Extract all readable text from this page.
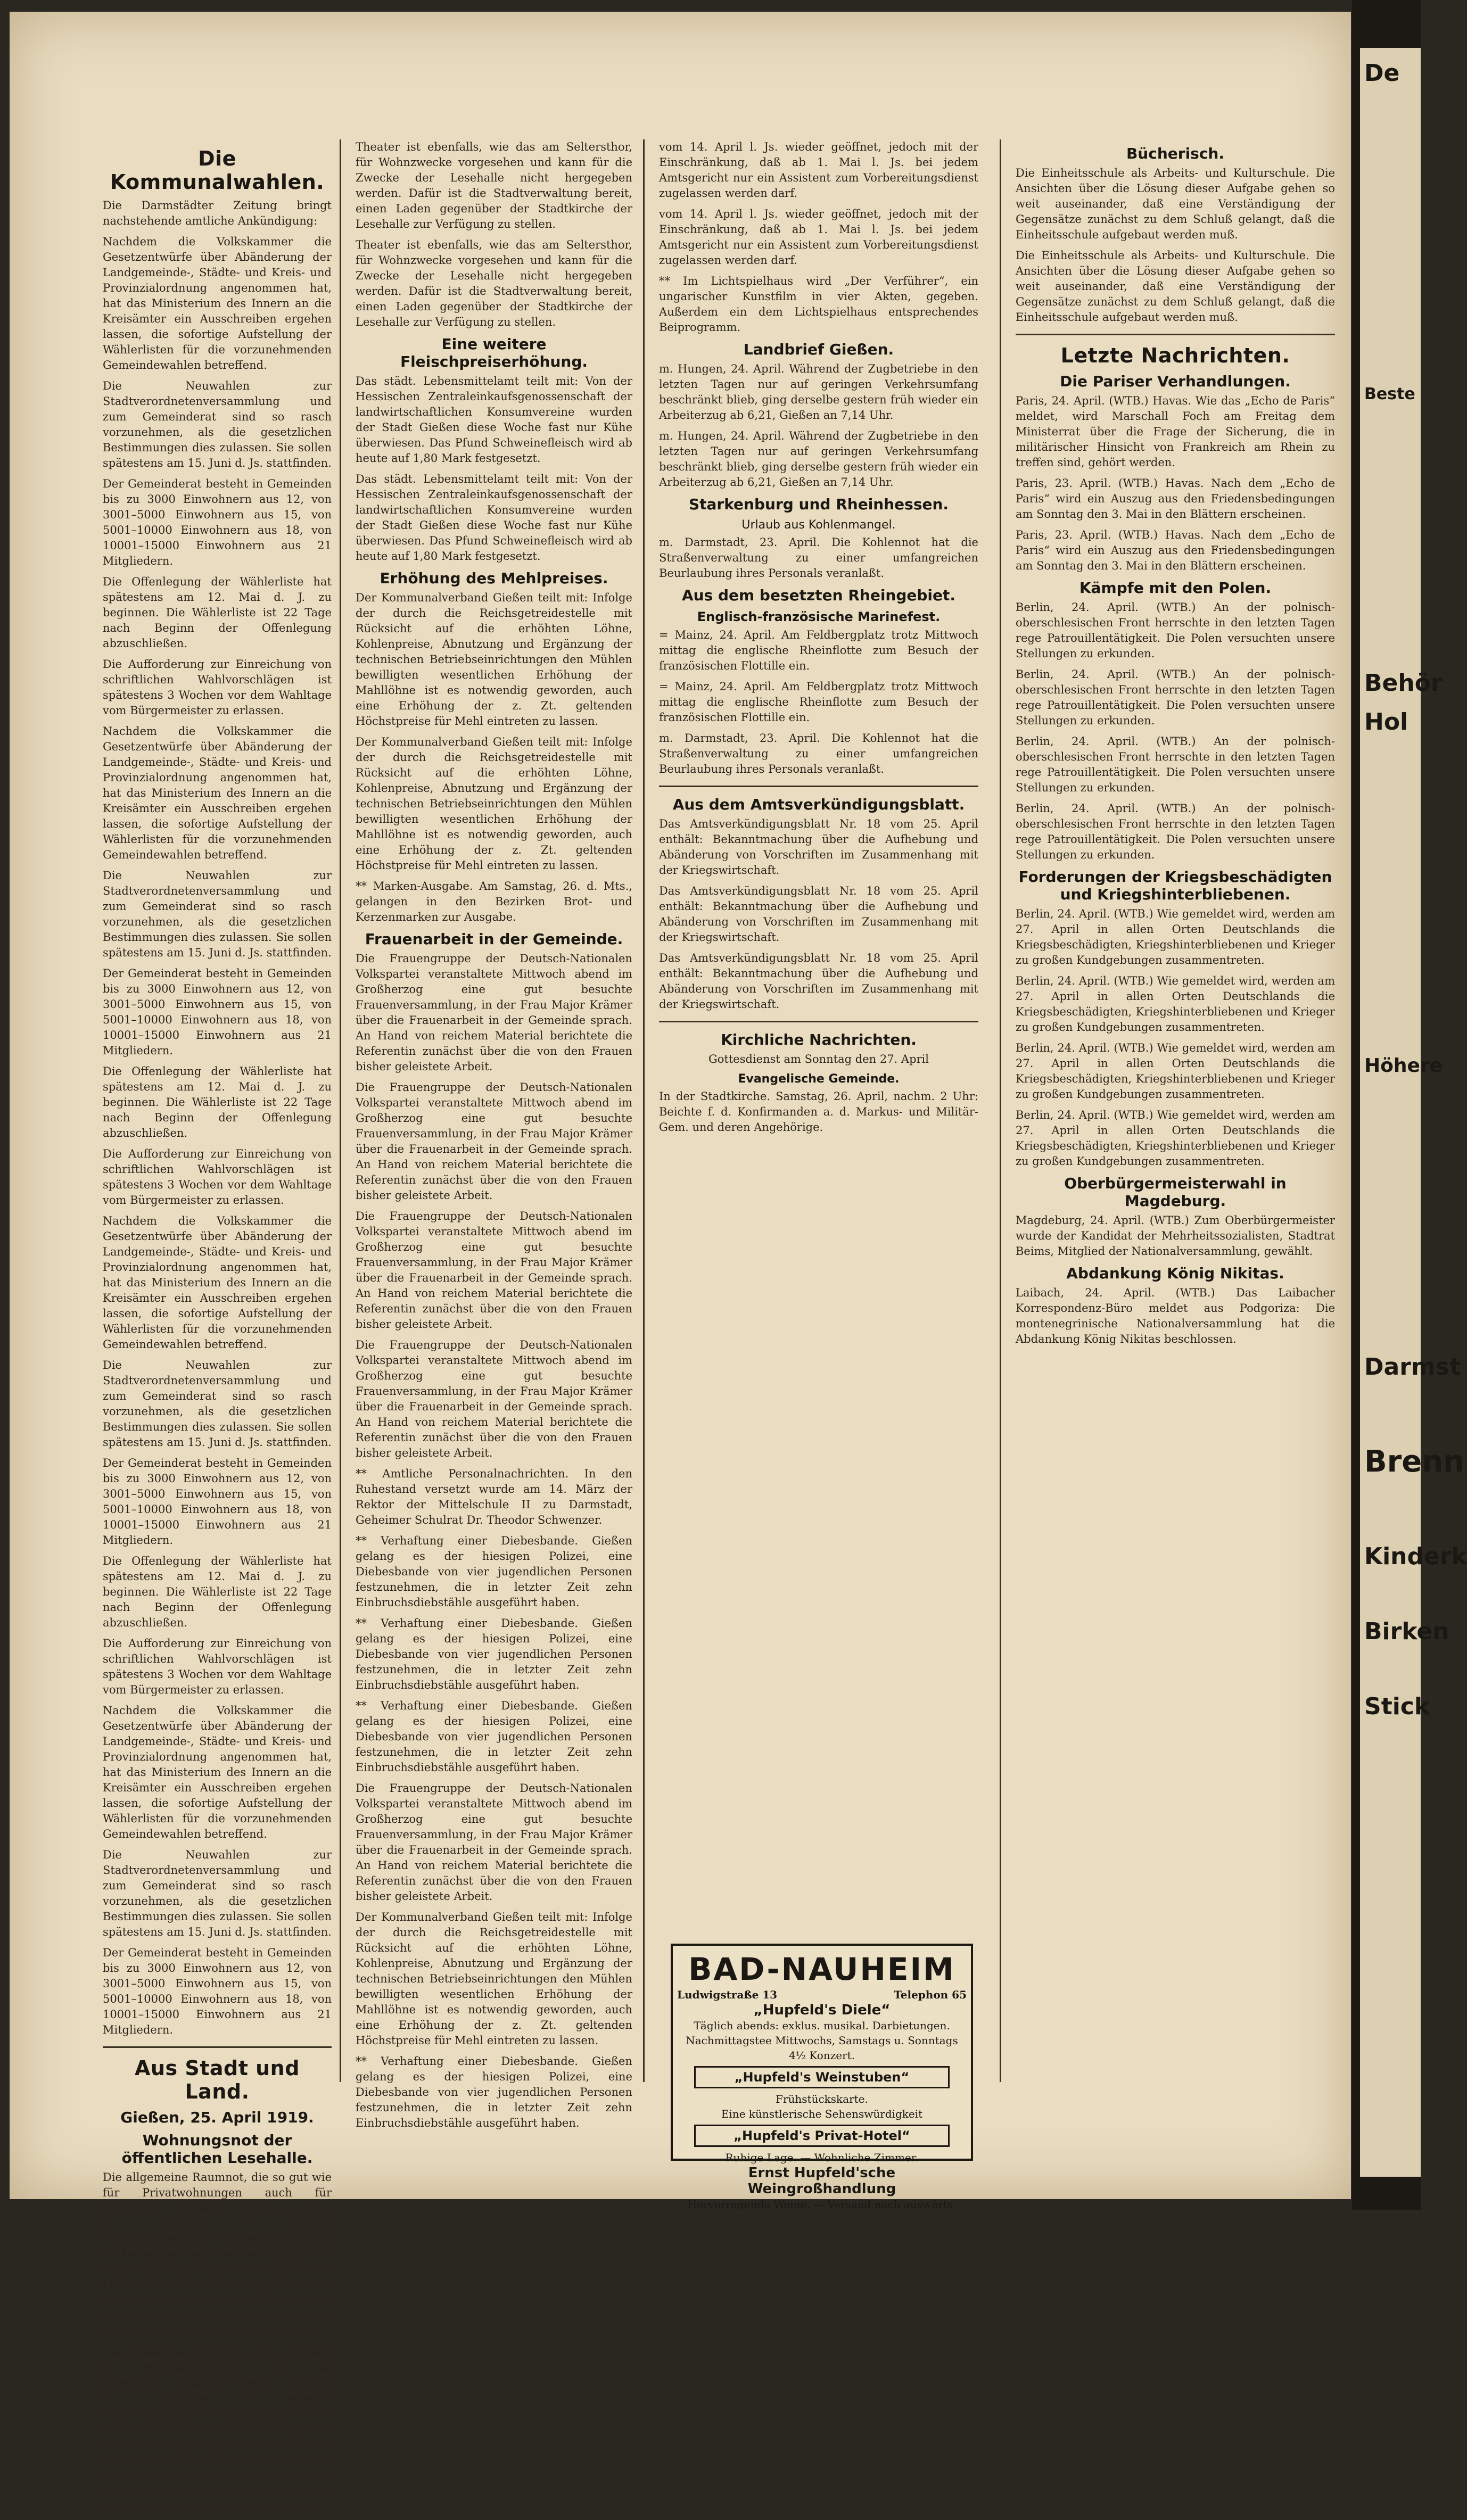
Die Kommunalwahlen.

Die Darmstädter Zeitung bringt nachstehende amtliche Ankündigung:

Nachdem die Volkskammer die Gesetzentwürfe über Abänderung der Landgemeinde-, Städte- und Kreis- und Provinzialordnung angenommen hat, hat das Ministerium des Innern an die Kreisämter ein Ausschreiben ergehen lassen, die sofortige Aufstellung der Wählerlisten für die vorzunehmenden Gemeindewahlen betreffend.

Die Neuwahlen zur Stadtverordnetenversammlung und zum Gemeinderat sind so rasch vorzunehmen, als die gesetzlichen Bestimmungen dies zulassen. Sie sollen spätestens am 15. Juni d. Js. stattfinden.

Der Gemeinderat besteht in Gemeinden bis zu 3000 Einwohnern aus 12, von 3001–5000 Einwohnern aus 15, von 5001–10000 Einwohnern aus 18, von 10001–15000 Einwohnern aus 21 Mitgliedern.

Die Offenlegung der Wählerliste hat spätestens am 12. Mai d. J. zu beginnen. Die Wählerliste ist 22 Tage nach Beginn der Offenlegung abzuschließen.

Die Aufforderung zur Einreichung von schriftlichen Wahlvorschlägen ist spätestens 3 Wochen vor dem Wahltage vom Bürgermeister zu erlassen.

Nachdem die Volkskammer die Gesetzentwürfe über Abänderung der Landgemeinde-, Städte- und Kreis- und Provinzialordnung angenommen hat, hat das Ministerium des Innern an die Kreisämter ein Ausschreiben ergehen lassen, die sofortige Aufstellung der Wählerlisten für die vorzunehmenden Gemeindewahlen betreffend.

Die Neuwahlen zur Stadtverordnetenversammlung und zum Gemeinderat sind so rasch vorzunehmen, als die gesetzlichen Bestimmungen dies zulassen. Sie sollen spätestens am 15. Juni d. Js. stattfinden.

Der Gemeinderat besteht in Gemeinden bis zu 3000 Einwohnern aus 12, von 3001–5000 Einwohnern aus 15, von 5001–10000 Einwohnern aus 18, von 10001–15000 Einwohnern aus 21 Mitgliedern.

Die Offenlegung der Wählerliste hat spätestens am 12. Mai d. J. zu beginnen. Die Wählerliste ist 22 Tage nach Beginn der Offenlegung abzuschließen.

Die Aufforderung zur Einreichung von schriftlichen Wahlvorschlägen ist spätestens 3 Wochen vor dem Wahltage vom Bürgermeister zu erlassen.

Nachdem die Volkskammer die Gesetzentwürfe über Abänderung der Landgemeinde-, Städte- und Kreis- und Provinzialordnung angenommen hat, hat das Ministerium des Innern an die Kreisämter ein Ausschreiben ergehen lassen, die sofortige Aufstellung der Wählerlisten für die vorzunehmenden Gemeindewahlen betreffend.

Die Neuwahlen zur Stadtverordnetenversammlung und zum Gemeinderat sind so rasch vorzunehmen, als die gesetzlichen Bestimmungen dies zulassen. Sie sollen spätestens am 15. Juni d. Js. stattfinden.

Der Gemeinderat besteht in Gemeinden bis zu 3000 Einwohnern aus 12, von 3001–5000 Einwohnern aus 15, von 5001–10000 Einwohnern aus 18, von 10001–15000 Einwohnern aus 21 Mitgliedern.

Die Offenlegung der Wählerliste hat spätestens am 12. Mai d. J. zu beginnen. Die Wählerliste ist 22 Tage nach Beginn der Offenlegung abzuschließen.

Die Aufforderung zur Einreichung von schriftlichen Wahlvorschlägen ist spätestens 3 Wochen vor dem Wahltage vom Bürgermeister zu erlassen.

Nachdem die Volkskammer die Gesetzentwürfe über Abänderung der Landgemeinde-, Städte- und Kreis- und Provinzialordnung angenommen hat, hat das Ministerium des Innern an die Kreisämter ein Ausschreiben ergehen lassen, die sofortige Aufstellung der Wählerlisten für die vorzunehmenden Gemeindewahlen betreffend.

Die Neuwahlen zur Stadtverordnetenversammlung und zum Gemeinderat sind so rasch vorzunehmen, als die gesetzlichen Bestimmungen dies zulassen. Sie sollen spätestens am 15. Juni d. Js. stattfinden.

Der Gemeinderat besteht in Gemeinden bis zu 3000 Einwohnern aus 12, von 3001–5000 Einwohnern aus 15, von 5001–10000 Einwohnern aus 18, von 10001–15000 Einwohnern aus 21 Mitgliedern.

Aus Stadt und Land.
Gießen, 25. April 1919.
Wohnungsnot der öffentlichen Lesehalle.

Die allgemeine Raumnot, die so gut wie für Privatwohnungen auch für öffentliche Anstalten besteht, zwingt die Lesehalle in erneute Schwierigkeiten. Die Unterkunft, die sie im Dezember nach der Vertreibung aus dem Vorbauchen am Selterstor in der Universitätsbibliothek gefunden hatte, ist in diesen Tagen wieder verloren, weil das Rentamt provisorisch in die Bibliotheksräume verlegt werden muß.

Die allgemeine Raumnot, die so gut wie für Privatwohnungen auch für öffentliche Anstalten besteht, zwingt die Lesehalle in erneute Schwierigkeiten. Die Unterkunft, die sie im Dezember nach der Vertreibung aus dem Vorbauchen am Selterstor in der Universitätsbibliothek gefunden hatte, ist in diesen Tagen wieder verloren, weil das Rentamt provisorisch in die Bibliotheksräume verlegt werden muß.

Theater ist ebenfalls, wie das am Seltersthor, für Wohnzwecke vorgesehen und kann für die Zwecke der Lesehalle nicht hergegeben werden. Dafür ist die Stadtverwaltung bereit, einen Laden gegenüber der Stadtkirche der Lesehalle zur Verfügung zu stellen.

Theater ist ebenfalls, wie das am Seltersthor, für Wohnzwecke vorgesehen und kann für die Zwecke der Lesehalle nicht hergegeben werden. Dafür ist die Stadtverwaltung bereit, einen Laden gegenüber der Stadtkirche der Lesehalle zur Verfügung zu stellen.

Eine weitere Fleischpreiserhöhung.

Das städt. Lebensmittelamt teilt mit: Von der Hessischen Zentraleinkaufsgenossenschaft der landwirtschaftlichen Konsumvereine wurden der Stadt Gießen diese Woche fast nur Kühe überwiesen. Das Pfund Schweinefleisch wird ab heute auf 1,80 Mark festgesetzt.

Das städt. Lebensmittelamt teilt mit: Von der Hessischen Zentraleinkaufsgenossenschaft der landwirtschaftlichen Konsumvereine wurden der Stadt Gießen diese Woche fast nur Kühe überwiesen. Das Pfund Schweinefleisch wird ab heute auf 1,80 Mark festgesetzt.

Erhöhung des Mehlpreises.

Der Kommunalverband Gießen teilt mit: Infolge der durch die Reichsgetreidestelle mit Rücksicht auf die erhöhten Löhne, Kohlenpreise, Abnutzung und Ergänzung der technischen Betriebseinrichtungen den Mühlen bewilligten wesentlichen Erhöhung der Mahllöhne ist es notwendig geworden, auch eine Erhöhung der z. Zt. geltenden Höchstpreise für Mehl eintreten zu lassen.

Der Kommunalverband Gießen teilt mit: Infolge der durch die Reichsgetreidestelle mit Rücksicht auf die erhöhten Löhne, Kohlenpreise, Abnutzung und Ergänzung der technischen Betriebseinrichtungen den Mühlen bewilligten wesentlichen Erhöhung der Mahllöhne ist es notwendig geworden, auch eine Erhöhung der z. Zt. geltenden Höchstpreise für Mehl eintreten zu lassen.

** Marken-Ausgabe. Am Samstag, 26. d. Mts., gelangen in den Bezirken Brot- und Kerzenmarken zur Ausgabe.

Frauenarbeit in der Gemeinde.

Die Frauengruppe der Deutsch-Nationalen Volkspartei veranstaltete Mittwoch abend im Großherzog eine gut besuchte Frauenversammlung, in der Frau Major Krämer über die Frauenarbeit in der Gemeinde sprach. An Hand von reichem Material berichtete die Referentin zunächst über die von den Frauen bisher geleistete Arbeit.

Die Frauengruppe der Deutsch-Nationalen Volkspartei veranstaltete Mittwoch abend im Großherzog eine gut besuchte Frauenversammlung, in der Frau Major Krämer über die Frauenarbeit in der Gemeinde sprach. An Hand von reichem Material berichtete die Referentin zunächst über die von den Frauen bisher geleistete Arbeit.

Die Frauengruppe der Deutsch-Nationalen Volkspartei veranstaltete Mittwoch abend im Großherzog eine gut besuchte Frauenversammlung, in der Frau Major Krämer über die Frauenarbeit in der Gemeinde sprach. An Hand von reichem Material berichtete die Referentin zunächst über die von den Frauen bisher geleistete Arbeit.

Die Frauengruppe der Deutsch-Nationalen Volkspartei veranstaltete Mittwoch abend im Großherzog eine gut besuchte Frauenversammlung, in der Frau Major Krämer über die Frauenarbeit in der Gemeinde sprach. An Hand von reichem Material berichtete die Referentin zunächst über die von den Frauen bisher geleistete Arbeit.

** Amtliche Personalnachrichten. In den Ruhestand versetzt wurde am 14. März der Rektor der Mittelschule II zu Darmstadt, Geheimer Schulrat Dr. Theodor Schwenzer.

** Verhaftung einer Diebesbande. Gießen gelang es der hiesigen Polizei, eine Diebesbande von vier jugendlichen Personen festzunehmen, die in letzter Zeit zehn Einbruchsdiebstähle ausgeführt haben.

** Verhaftung einer Diebesbande. Gießen gelang es der hiesigen Polizei, eine Diebesbande von vier jugendlichen Personen festzunehmen, die in letzter Zeit zehn Einbruchsdiebstähle ausgeführt haben.

** Verhaftung einer Diebesbande. Gießen gelang es der hiesigen Polizei, eine Diebesbande von vier jugendlichen Personen festzunehmen, die in letzter Zeit zehn Einbruchsdiebstähle ausgeführt haben.

Die Frauengruppe der Deutsch-Nationalen Volkspartei veranstaltete Mittwoch abend im Großherzog eine gut besuchte Frauenversammlung, in der Frau Major Krämer über die Frauenarbeit in der Gemeinde sprach. An Hand von reichem Material berichtete die Referentin zunächst über die von den Frauen bisher geleistete Arbeit.

Der Kommunalverband Gießen teilt mit: Infolge der durch die Reichsgetreidestelle mit Rücksicht auf die erhöhten Löhne, Kohlenpreise, Abnutzung und Ergänzung der technischen Betriebseinrichtungen den Mühlen bewilligten wesentlichen Erhöhung der Mahllöhne ist es notwendig geworden, auch eine Erhöhung der z. Zt. geltenden Höchstpreise für Mehl eintreten zu lassen.

** Verhaftung einer Diebesbande. Gießen gelang es der hiesigen Polizei, eine Diebesbande von vier jugendlichen Personen festzunehmen, die in letzter Zeit zehn Einbruchsdiebstähle ausgeführt haben.

vom 14. April l. Js. wieder geöffnet, jedoch mit der Einschränkung, daß ab 1. Mai l. Js. bei jedem Amtsgericht nur ein Assistent zum Vorbereitungsdienst zugelassen werden darf.

vom 14. April l. Js. wieder geöffnet, jedoch mit der Einschränkung, daß ab 1. Mai l. Js. bei jedem Amtsgericht nur ein Assistent zum Vorbereitungsdienst zugelassen werden darf.

** Im Lichtspielhaus wird „Der Verführer“, ein ungarischer Kunstfilm in vier Akten, gegeben. Außerdem ein dem Lichtspielhaus entsprechendes Beiprogramm.

Landbrief Gießen.

m. Hungen, 24. April. Während der Zugbetriebe in den letzten Tagen nur auf geringen Verkehrsumfang beschränkt blieb, ging derselbe gestern früh wieder ein Arbeiterzug ab 6,21, Gießen an 7,14 Uhr.

m. Hungen, 24. April. Während der Zugbetriebe in den letzten Tagen nur auf geringen Verkehrsumfang beschränkt blieb, ging derselbe gestern früh wieder ein Arbeiterzug ab 6,21, Gießen an 7,14 Uhr.

Starkenburg und Rheinhessen.
Urlaub aus Kohlenmangel.

m. Darmstadt, 23. April. Die Kohlennot hat die Straßenverwaltung zu einer umfangreichen Beurlaubung ihres Personals veranlaßt.

Aus dem besetzten Rheingebiet.
Englisch-französische Marinefest.

= Mainz, 24. April. Am Feldbergplatz trotz Mittwoch mittag die englische Rheinflotte zum Besuch der französischen Flottille ein.

= Mainz, 24. April. Am Feldbergplatz trotz Mittwoch mittag die englische Rheinflotte zum Besuch der französischen Flottille ein.

m. Darmstadt, 23. April. Die Kohlennot hat die Straßenverwaltung zu einer umfangreichen Beurlaubung ihres Personals veranlaßt.

Aus dem Amtsverkündigungsblatt.

Das Amtsverkündigungsblatt Nr. 18 vom 25. April enthält: Bekanntmachung über die Aufhebung und Abänderung von Vorschriften im Zusammenhang mit der Kriegswirtschaft.

Das Amtsverkündigungsblatt Nr. 18 vom 25. April enthält: Bekanntmachung über die Aufhebung und Abänderung von Vorschriften im Zusammenhang mit der Kriegswirtschaft.

Das Amtsverkündigungsblatt Nr. 18 vom 25. April enthält: Bekanntmachung über die Aufhebung und Abänderung von Vorschriften im Zusammenhang mit der Kriegswirtschaft.

Kirchliche Nachrichten.

Gottesdienst am Sonntag den 27. April

Evangelische Gemeinde.

In der Stadtkirche. Samstag, 26. April, nachm. 2 Uhr: Beichte f. d. Konfirmanden a. d. Markus- und Militär-Gem. und deren Angehörige.

BAD-NAUHEIM
Ludwigstraße 13	Telephon 65
„Hupfeld's Diele“
Täglich abends: exklus. musikal. Darbietungen.
Nachmittagstee Mittwochs, Samstags u. Sonntags 4½ Konzert.
„Hupfeld's Weinstuben“
Frühstückskarte.
Eine künstlerische Sehenswürdigkeit
„Hupfeld's Privat-Hotel“
Ruhige Lage. — Wohnliche Zimmer.
Ernst Hupfeld'sche Weingroßhandlung
Hervorragende Weine. — Versand nach auswärts.
Bücherisch.

Die Einheitsschule als Arbeits- und Kulturschule. Die Ansichten über die Lösung dieser Aufgabe gehen so weit auseinander, daß eine Verständigung der Gegensätze zunächst zu dem Schluß gelangt, daß die Einheitsschule aufgebaut werden muß.

Die Einheitsschule als Arbeits- und Kulturschule. Die Ansichten über die Lösung dieser Aufgabe gehen so weit auseinander, daß eine Verständigung der Gegensätze zunächst zu dem Schluß gelangt, daß die Einheitsschule aufgebaut werden muß.

Letzte Nachrichten.
Die Pariser Verhandlungen.

Paris, 24. April. (WTB.) Havas. Wie das „Echo de Paris“ meldet, wird Marschall Foch am Freitag dem Ministerrat über die Frage der Sicherung, die in militärischer Hinsicht von Frankreich am Rhein zu treffen sind, gehört werden.

Paris, 23. April. (WTB.) Havas. Nach dem „Echo de Paris“ wird ein Auszug aus den Friedensbedingungen am Sonntag den 3. Mai in den Blättern erscheinen.

Paris, 23. April. (WTB.) Havas. Nach dem „Echo de Paris“ wird ein Auszug aus den Friedensbedingungen am Sonntag den 3. Mai in den Blättern erscheinen.

Kämpfe mit den Polen.

Berlin, 24. April. (WTB.) An der polnisch-oberschlesischen Front herrschte in den letzten Tagen rege Patrouillentätigkeit. Die Polen versuchten unsere Stellungen zu erkunden.

Berlin, 24. April. (WTB.) An der polnisch-oberschlesischen Front herrschte in den letzten Tagen rege Patrouillentätigkeit. Die Polen versuchten unsere Stellungen zu erkunden.

Berlin, 24. April. (WTB.) An der polnisch-oberschlesischen Front herrschte in den letzten Tagen rege Patrouillentätigkeit. Die Polen versuchten unsere Stellungen zu erkunden.

Berlin, 24. April. (WTB.) An der polnisch-oberschlesischen Front herrschte in den letzten Tagen rege Patrouillentätigkeit. Die Polen versuchten unsere Stellungen zu erkunden.

Forderungen der Kriegsbeschädigten und Kriegshinterbliebenen.

Berlin, 24. April. (WTB.) Wie gemeldet wird, werden am 27. April in allen Orten Deutschlands die Kriegsbeschädigten, Kriegshinterbliebenen und Krieger zu großen Kundgebungen zusammentreten.

Berlin, 24. April. (WTB.) Wie gemeldet wird, werden am 27. April in allen Orten Deutschlands die Kriegsbeschädigten, Kriegshinterbliebenen und Krieger zu großen Kundgebungen zusammentreten.

Berlin, 24. April. (WTB.) Wie gemeldet wird, werden am 27. April in allen Orten Deutschlands die Kriegsbeschädigten, Kriegshinterbliebenen und Krieger zu großen Kundgebungen zusammentreten.

Berlin, 24. April. (WTB.) Wie gemeldet wird, werden am 27. April in allen Orten Deutschlands die Kriegsbeschädigten, Kriegshinterbliebenen und Krieger zu großen Kundgebungen zusammentreten.

Oberbürgermeisterwahl in Magdeburg.

Magdeburg, 24. April. (WTB.) Zum Oberbürgermeister wurde der Kandidat der Mehrheitssozialisten, Stadtrat Beims, Mitglied der Nationalversammlung, gewählt.

Abdankung König Nikitas.

Laibach, 24. April. (WTB.) Das Laibacher Korrespondenz-Büro meldet aus Podgoriza: Die montenegrinische Nationalversammlung hat die Abdankung König Nikitas beschlossen.

De
Beste
Behör
Hol
Höhere
Darmst
Brenn
Kinderk
Birken
Stick
